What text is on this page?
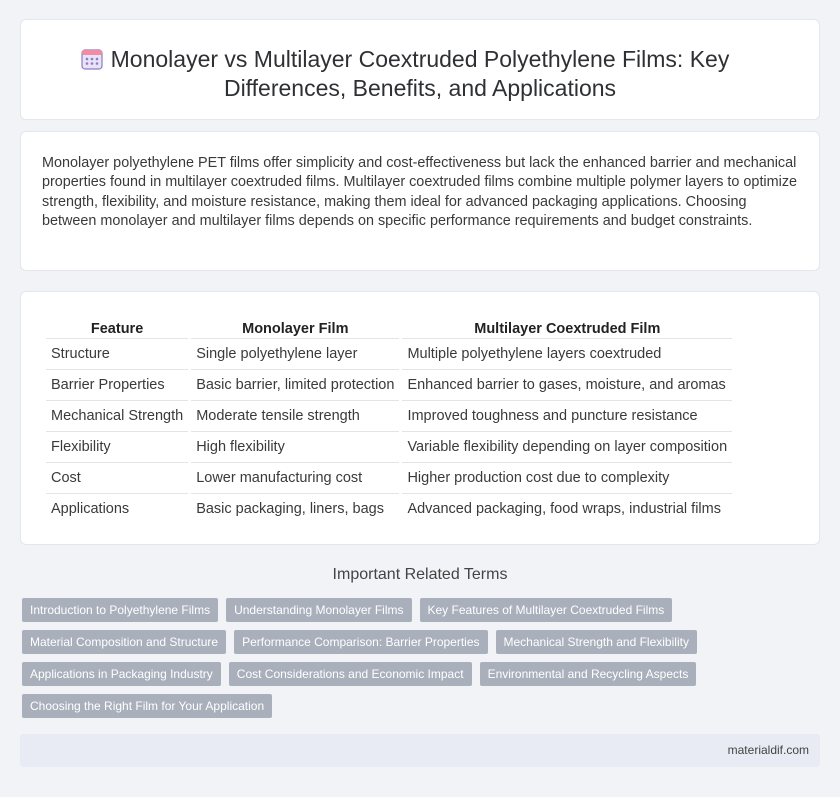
Monolayer vs Multilayer Coextruded Polyethylene Films: Key Differences, Benefits, and Applications

Monolayer polyethylene PET films offer simplicity and cost-effectiveness but lack the enhanced barrier and mechanical properties found in multilayer coextruded films. Multilayer coextruded films combine multiple polymer layers to optimize strength, flexibility, and moisture resistance, making them ideal for advanced packaging applications. Choosing between monolayer and multilayer films depends on specific performance requirements and budget constraints.

Feature	Monolayer Film	Multilayer Coextruded Film
Structure	Single polyethylene layer	Multiple polyethylene layers coextruded
Barrier Properties	Basic barrier, limited protection	Enhanced barrier to gases, moisture, and aromas
Mechanical Strength	Moderate tensile strength	Improved toughness and puncture resistance
Flexibility	High flexibility	Variable flexibility depending on layer composition
Cost	Lower manufacturing cost	Higher production cost due to complexity
Applications	Basic packaging, liners, bags	Advanced packaging, food wraps, industrial films
Important Related Terms
Introduction to Polyethylene Films	Understanding Monolayer Films	Key Features of Multilayer Coextruded Films
Material Composition and Structure	Performance Comparison: Barrier Properties	Mechanical Strength and Flexibility
Applications in Packaging Industry	Cost Considerations and Economic Impact	Environmental and Recycling Aspects
Choosing the Right Film for Your Application
materialdif.com
